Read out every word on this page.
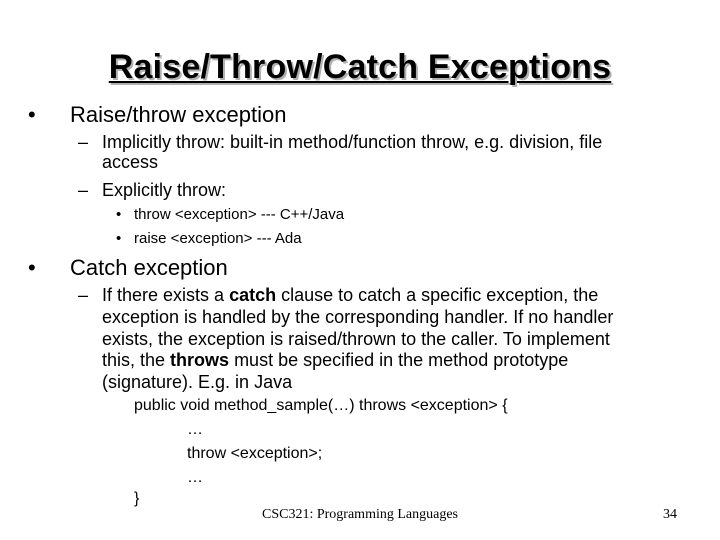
Raise/Throw/Catch Exceptions
• Raise/throw exception
– Implicitly throw: built-in method/function throw, e.g. division, file
access
– Explicitly throw:
• throw <exception> --- C++/Java
• raise <exception> --- Ada
• Catch exception
– If there exists a catch clause to catch a specific exception, the
exception is handled by the corresponding handler. If no handler
exists, the exception is raised/thrown to the caller. To implement
this, the throws must be specified in the method prototype
(signature). E.g. in Java
public void method_sample(…) throws <exception> {
…
throw <exception>;
…
}
CSC321: Programming Languages	34
